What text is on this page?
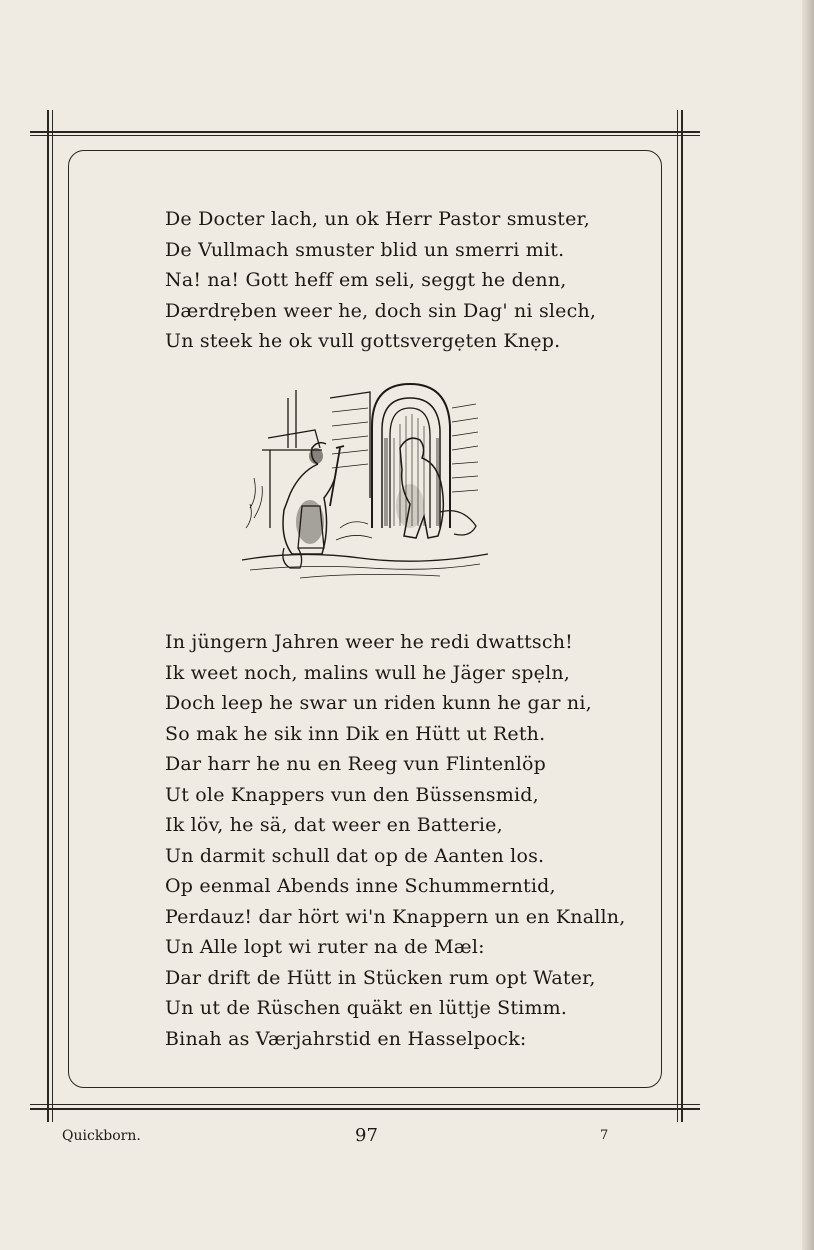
De Docter lach, un ok Herr Pastor smuster,
De Vullmach smuster blid un smerri mit.
Na! na! Gott heff em seli, seggt he denn,
Dærdrẹben weer he, doch sin Dag' ni slech,
Un steek he ok vull gottsvergẹten Knẹp.
In jüngern Jahren weer he redi dwattsch!
Ik weet noch, malins wull he Jäger spẹln,
Doch leep he swar un riden kunn he gar ni,
So mak he sik inn Dik en Hütt ut Reth.
Dar harr he nu en Reeg vun Flintenlöp
Ut ole Knappers vun den Büssensmid,
Ik löv, he sä, dat weer en Batterie,
Un darmit schull dat op de Aanten los.
Op eenmal Abends inne Schummerntid,
Perdauz! dar hört wi'n Knappern un en Knalln,
Un Alle lopt wi ruter na de Mæl:
Dar drift de Hütt in Stücken rum opt Water,
Un ut de Rüschen quäkt en lüttje Stimm.
Binah as Værjahrstid en Hasselpock:
Quickborn.	97	7
